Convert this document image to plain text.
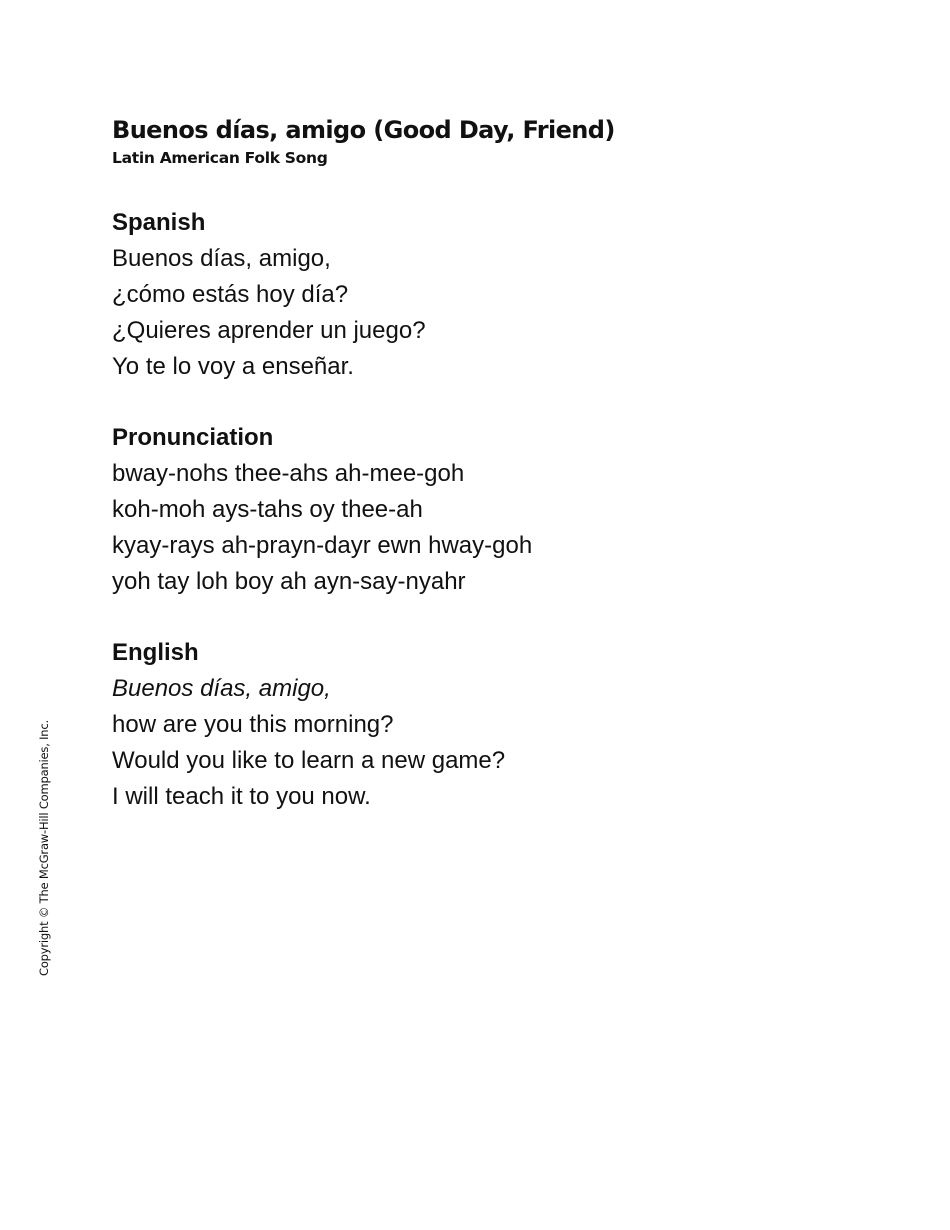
Buenos días, amigo (Good Day, Friend)

Latin American Folk Song

Spanish

Buenos días, amigo,

¿cómo estás hoy día?

¿Quieres aprender un juego?

Yo te lo voy a enseñar.

Pronunciation

bway-nohs thee-ahs ah-mee-goh

koh-moh ays-tahs oy thee-ah

kyay-rays ah-prayn-dayr ewn hway-goh

yoh tay loh boy ah ayn-say-nyahr

English

Buenos días, amigo,

how are you this morning?

Would you like to learn a new game?

I will teach it to you now.

Copyright © The McGraw-Hill Companies, Inc.
